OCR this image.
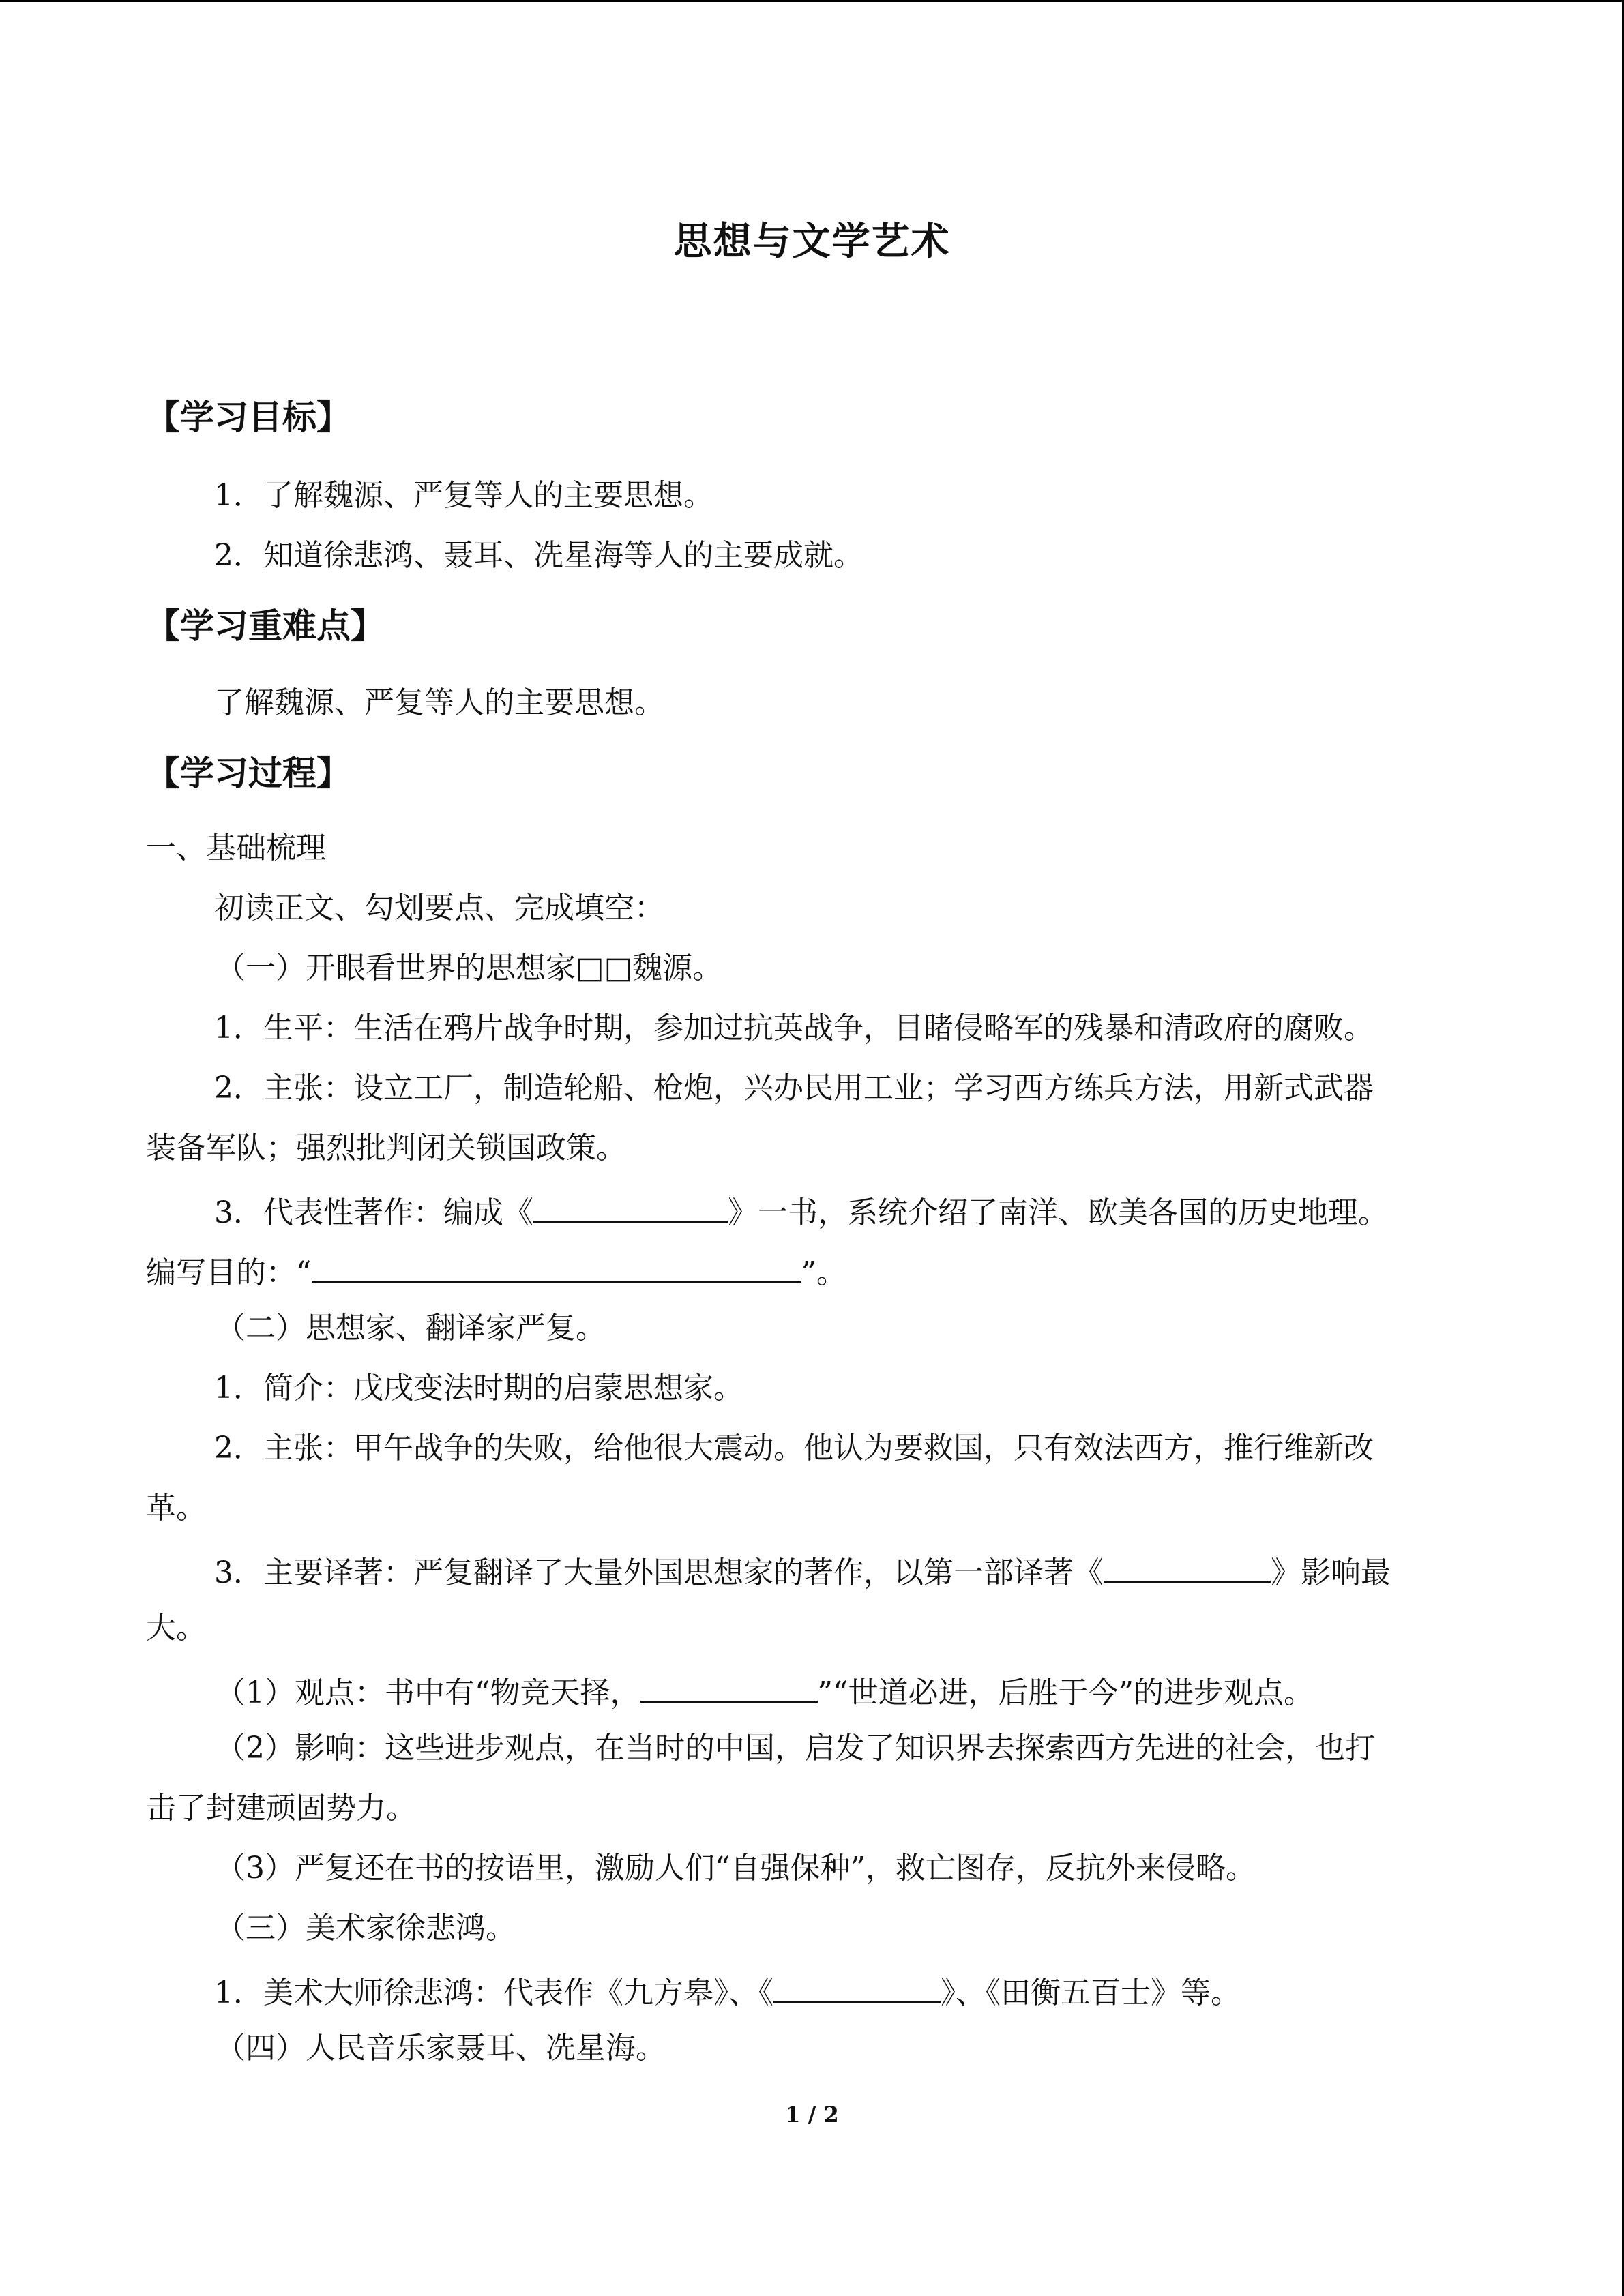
思想与文学艺术
【学习目标】
1．了解魏源、严复等人的主要思想。
2．知道徐悲鸿、聂耳、冼星海等人的主要成就。
【学习重难点】
了解魏源、严复等人的主要思想。
【学习过程】
一、基础梳理
初读正文、勾划要点、完成填空：
（一）开眼看世界的思想家□□魏源。
1．生平：生活在鸦片战争时期，参加过抗英战争，目睹侵略军的残暴和清政府的腐败。
2．主张：设立工厂，制造轮船、枪炮，兴办民用工业；学习西方练兵方法，用新式武器
装备军队；强烈批判闭关锁国政策。
3．代表性著作：编成《	》一书，系统介绍了南洋、欧美各国的历史地理。
编写目的：“	”。
（二）思想家、翻译家严复。
1．简介：戊戌变法时期的启蒙思想家。
2．主张：甲午战争的失败，给他很大震动。他认为要救国，只有效法西方，推行维新改
革。
3．主要译著：严复翻译了大量外国思想家的著作，以第一部译著《	》影响最
大。
（1）观点：书中有“物竞天择，	”“世道必进，后胜于今”的进步观点。
（2）影响：这些进步观点，在当时的中国，启发了知识界去探索西方先进的社会，也打
击了封建顽固势力。
（3）严复还在书的按语里，激励人们“自强保种”，救亡图存，反抗外来侵略。
（三）美术家徐悲鸿。
1．美术大师徐悲鸿：代表作《九方皋》、《	》、《田衡五百士》等。
（四）人民音乐家聂耳、冼星海。
1 / 2
